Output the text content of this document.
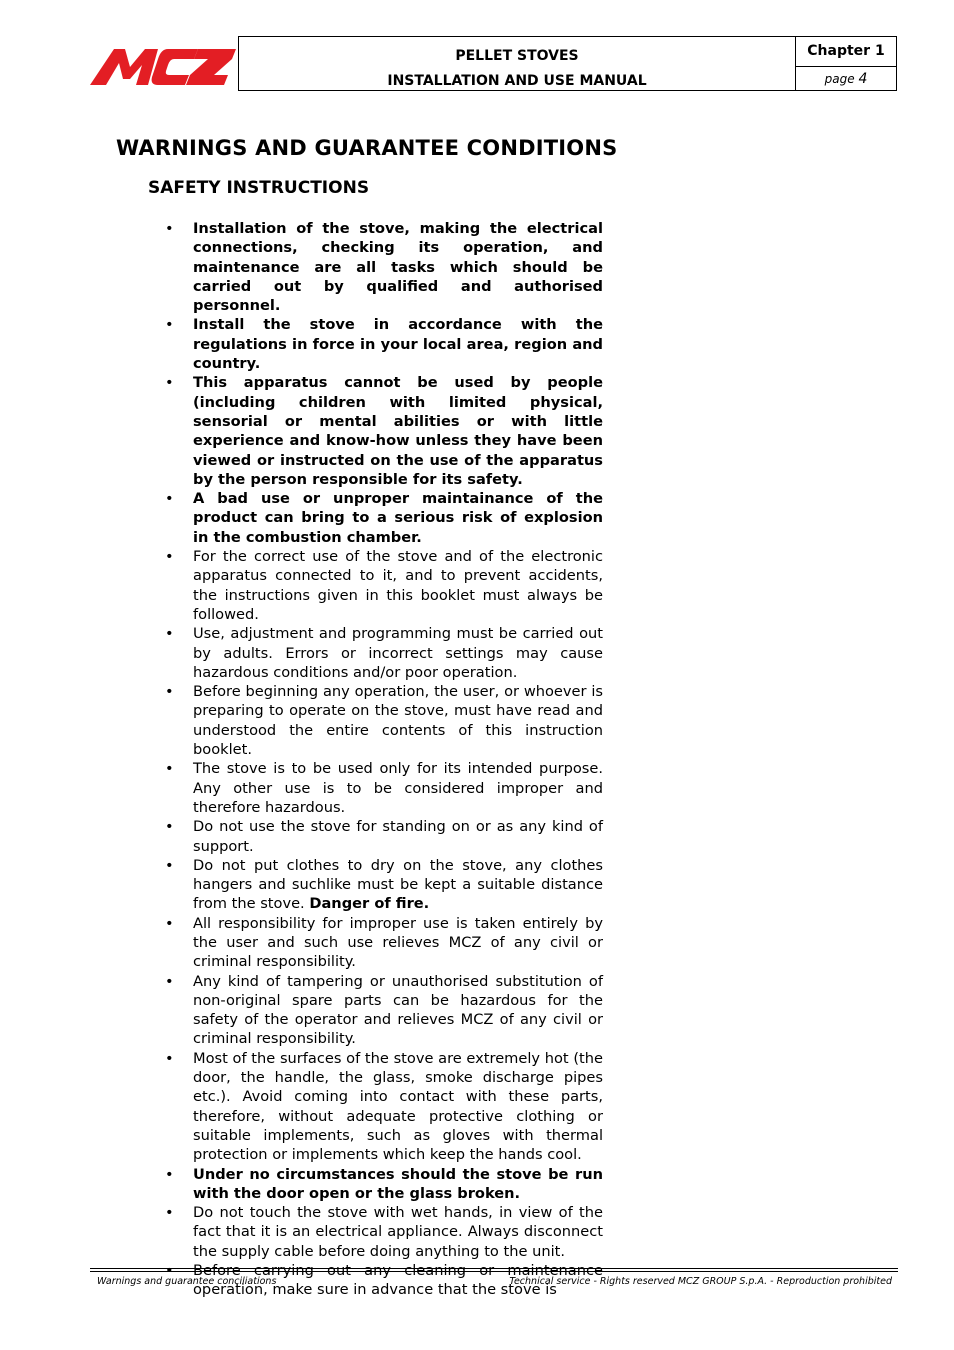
PELLET STOVES
INSTALLATION AND USE MANUAL
Chapter 1
page 4
WARNINGS AND GUARANTEE CONDITIONS
SAFETY INSTRUCTIONS
• Installation of the stove, making the electrical connections, checking its operation, and maintenance are all tasks which should be carried out by qualified and authorised personnel.
• Install the stove in accordance with the regulations in force in your local area, region and country.
• This apparatus cannot be used by people (including children with limited physical, sensorial or mental abilities or with little experience and know-how unless they have been viewed or instructed on the use of the apparatus by the person responsible for its safety.
• A bad use or unproper maintainance of the product can bring to a serious risk of explosion in the combustion chamber.
• For the correct use of the stove and of the electronic apparatus connected to it, and to prevent accidents, the instructions given in this booklet must always be followed.
• Use, adjustment and programming must be carried out by adults. Errors or incorrect settings may cause hazardous conditions and/or poor operation.
• Before beginning any operation, the user, or whoever is preparing to operate on the stove, must have read and understood the entire contents of this instruction booklet.
• The stove is to be used only for its intended purpose. Any other use is to be considered improper and therefore hazardous.
• Do not use the stove for standing on or as any kind of support.
• Do not put clothes to dry on the stove, any clothes hangers and suchlike must be kept a suitable distance from the stove. Danger of fire.
• All responsibility for improper use is taken entirely by the user and such use relieves MCZ of any civil or criminal responsibility.
• Any kind of tampering or unauthorised substitution of non-original spare parts can be hazardous for the safety of the operator and relieves MCZ of any civil or criminal responsibility.
• Most of the surfaces of the stove are extremely hot (the door, the handle, the glass, smoke discharge pipes etc.). Avoid coming into contact with these parts, therefore, without adequate protective clothing or suitable implements, such as gloves with thermal protection or implements which keep the hands cool.
• Under no circumstances should the stove be run with the door open or the glass broken.
• Do not touch the stove with wet hands, in view of the fact that it is an electrical appliance. Always disconnect the supply cable before doing anything to the unit.
• Before carrying out any cleaning or maintenance operation, make sure in advance that the stove is
Warnings and guarantee conciliations	Technical service - Rights reserved MCZ GROUP S.p.A. - Reproduction prohibited
